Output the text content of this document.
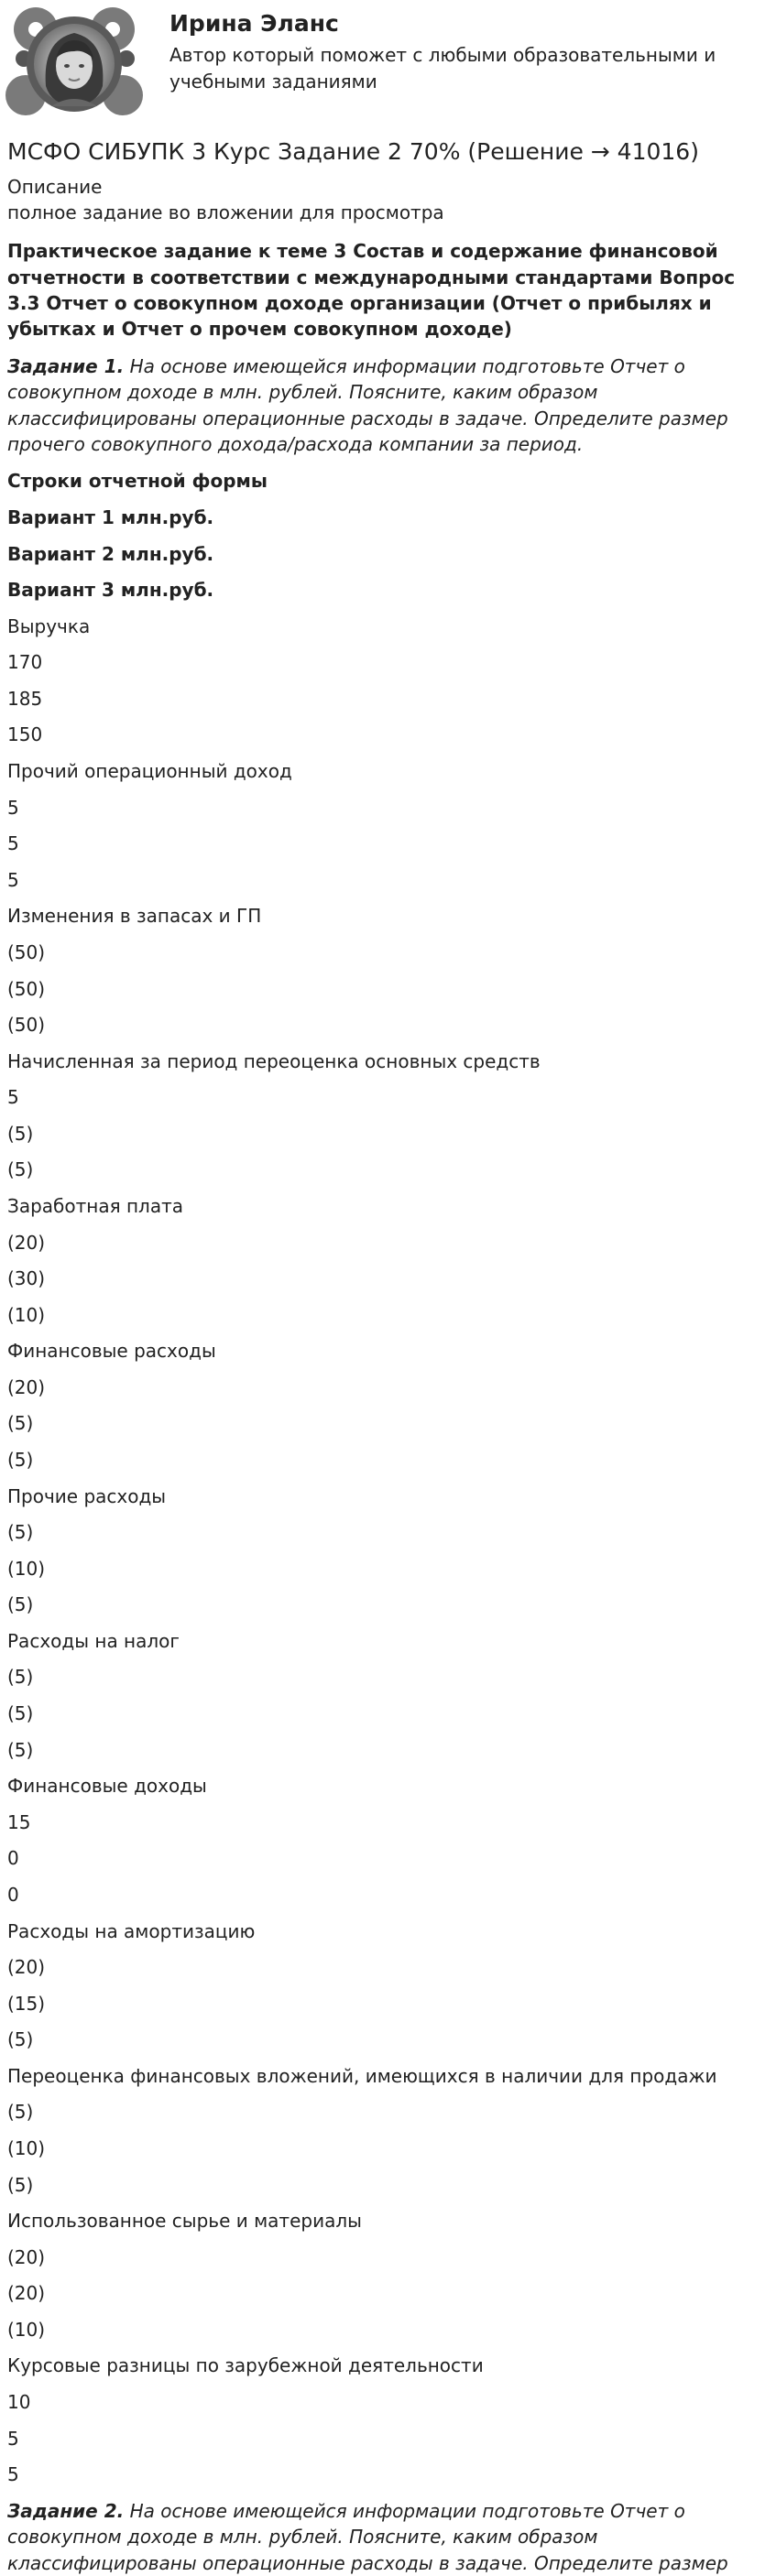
Ирина Эланс
Автор который поможет с любыми образовательными и учебными заданиями
МСФО СИБУПК 3 Курс Задание 2 70% (Решение → 41016)

Описание

полное задание во вложении для просмотра

Практическое задание к теме 3 Состав и содержание финансовой отчетности в соответствии с международными стандартами Вопрос 3.3 Отчет о совокупном доходе организации (Отчет о прибылях и убытках и Отчет о прочем совокупном доходе)

Задание 1. На основе имеющейся информации подготовьте Отчет о совокупном доходе в млн. рублей. Поясните, каким образом классифицированы операционные расходы в задаче. Определите размер прочего совокупного дохода/расхода компании за период.

Строки отчетной формы

Вариант 1 млн.руб.

Вариант 2 млн.руб.

Вариант 3 млн.руб.

Выручка

170

185

150

Прочий операционный доход

5

5

5

Изменения в запасах и ГП

(50)

(50)

(50)

Начисленная за период переоценка основных средств

5

(5)

(5)

Заработная плата

(20)

(30)

(10)

Финансовые расходы

(20)

(5)

(5)

Прочие расходы

(5)

(10)

(5)

Расходы на налог

(5)

(5)

(5)

Финансовые доходы

15

0

0

Расходы на амортизацию

(20)

(15)

(5)

Переоценка финансовых вложений, имеющихся в наличии для продажи

(5)

(10)

(5)

Использованное сырье и материалы

(20)

(20)

(10)

Курсовые разницы по зарубежной деятельности

10

5

5

Задание 2. На основе имеющейся информации подготовьте Отчет о совокупном доходе в млн. рублей. Поясните, каким образом классифицированы операционные расходы в задаче. Определите размер
